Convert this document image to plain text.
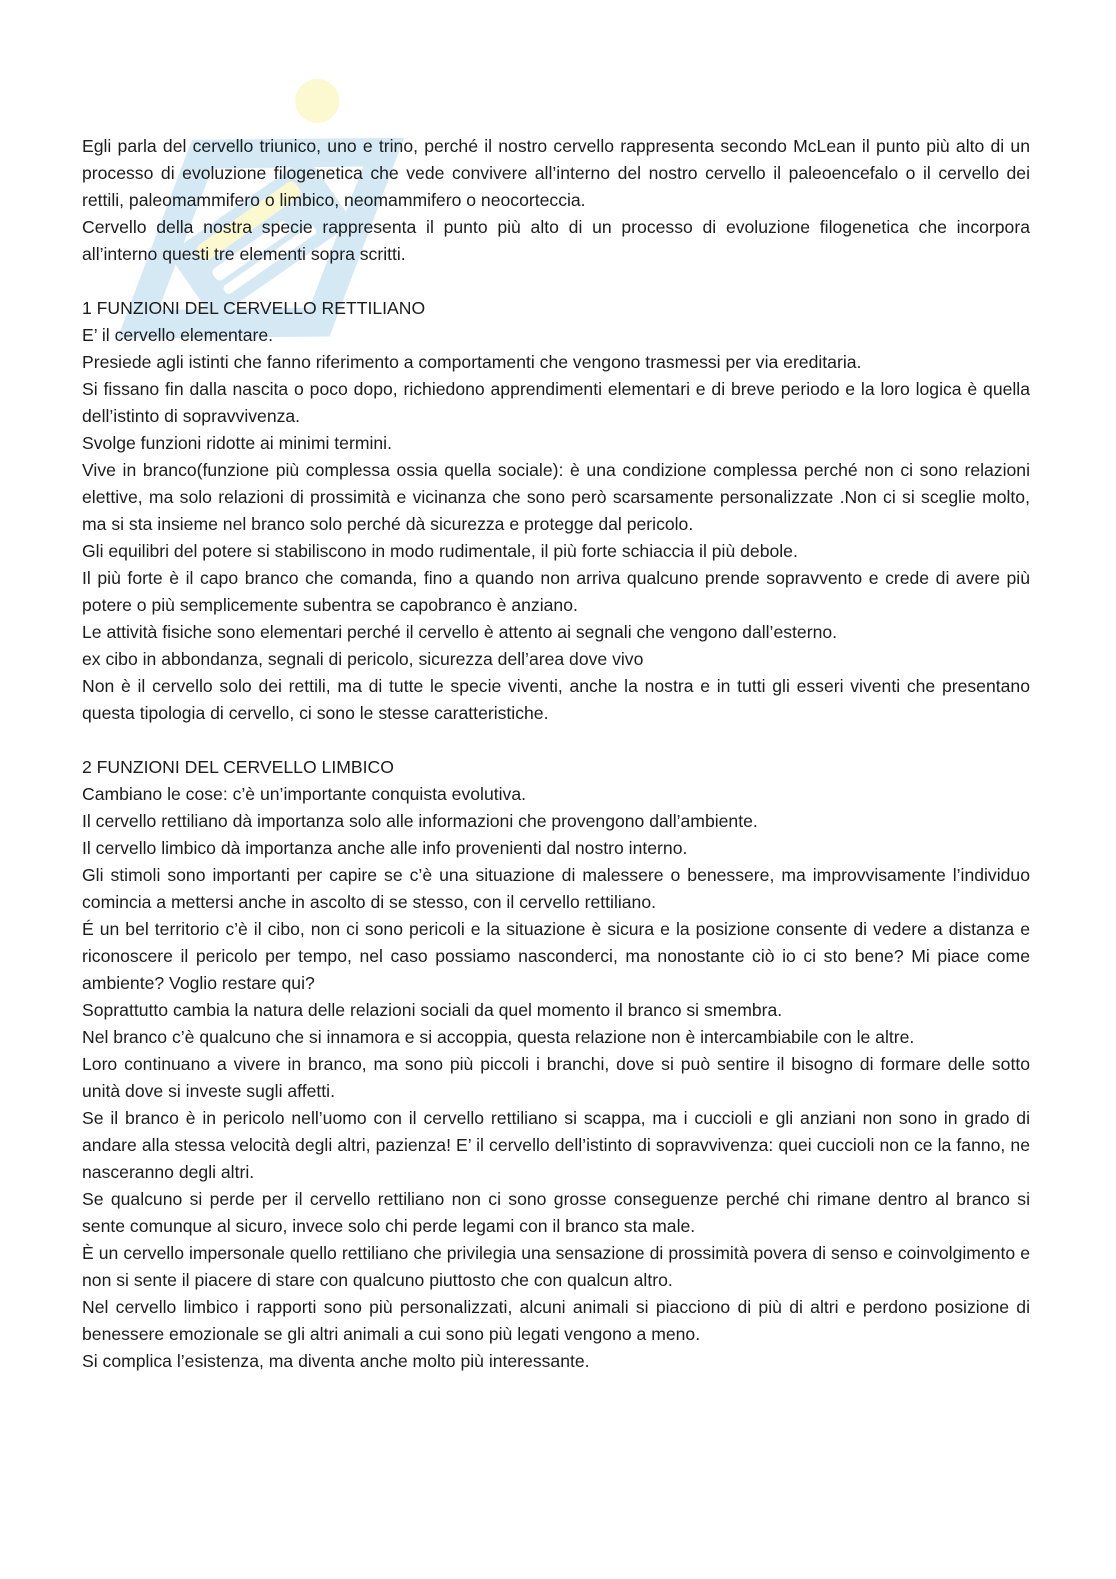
Egli parla del cervello triunico, uno e trino, perché il nostro cervello rappresenta secondo McLean il punto più alto di un processo di evoluzione filogenetica che vede convivere all’interno del nostro cervello il paleoencefalo o il cervello dei rettili, paleomammifero o limbico, neomammifero o neocorteccia.

Cervello della nostra specie rappresenta il punto più alto di un processo di evoluzione filogenetica che incorpora all’interno questi tre elementi sopra scritti.

1 FUNZIONI DEL CERVELLO RETTILIANO

E’ il cervello elementare.

Presiede agli istinti che fanno riferimento a comportamenti che vengono trasmessi per via ereditaria.

Si fissano fin dalla nascita o poco dopo, richiedono apprendimenti elementari e di breve periodo e la loro logica è quella dell’istinto di sopravvivenza.

Svolge funzioni ridotte ai minimi termini.

Vive in branco(funzione più complessa ossia quella sociale): è una condizione complessa perché non ci sono relazioni elettive, ma solo relazioni di prossimità e vicinanza che sono però scarsamente personalizzate .Non ci si sceglie molto, ma si sta insieme nel branco solo perché dà sicurezza e protegge dal pericolo.

Gli equilibri del potere si stabiliscono in modo rudimentale, il più forte schiaccia il più debole.

Il più forte è il capo branco che comanda, fino a quando non arriva qualcuno prende sopravvento e crede di avere più potere o più semplicemente subentra se capobranco è anziano.

Le attività fisiche sono elementari perché il cervello è attento ai segnali che vengono dall’esterno.

ex cibo in abbondanza, segnali di pericolo, sicurezza dell’area dove vivo

Non è il cervello solo dei rettili, ma di tutte le specie viventi, anche la nostra e in tutti gli esseri viventi che presentano questa tipologia di cervello, ci sono le stesse caratteristiche.

2 FUNZIONI DEL CERVELLO LIMBICO

Cambiano le cose: c’è un’importante conquista evolutiva.

Il cervello rettiliano dà importanza solo alle informazioni che provengono dall’ambiente.

Il cervello limbico dà importanza anche alle info provenienti dal nostro interno.

Gli stimoli sono importanti per capire se c’è una situazione di malessere o benessere, ma improvvisamente l’individuo comincia a mettersi anche in ascolto di se stesso, con il cervello rettiliano.

É un bel territorio c’è il cibo, non ci sono pericoli e la situazione è sicura e la posizione consente di vedere a distanza e riconoscere il pericolo per tempo, nel caso possiamo nasconderci, ma nonostante ciò io ci sto bene? Mi piace come ambiente? Voglio restare qui?

Soprattutto cambia la natura delle relazioni sociali da quel momento il branco si smembra.

Nel branco c’è qualcuno che si innamora e si accoppia, questa relazione non è intercambiabile con le altre.

Loro continuano a vivere in branco, ma sono più piccoli i branchi, dove si può sentire il bisogno di formare delle sotto unità dove si investe sugli affetti.

Se il branco è in pericolo nell’uomo con il cervello rettiliano si scappa, ma i cuccioli e gli anziani non sono in grado di andare alla stessa velocità degli altri, pazienza! E’ il cervello dell’istinto di sopravvivenza: quei cuccioli non ce la fanno, ne nasceranno degli altri.

Se qualcuno si perde per il cervello rettiliano non ci sono grosse conseguenze perché chi rimane dentro al branco si sente comunque al sicuro, invece solo chi perde legami con il branco sta male.

È un cervello impersonale quello rettiliano che privilegia una sensazione di prossimità povera di senso e coinvolgimento e non si sente il piacere di stare con qualcuno piuttosto che con qualcun altro.

Nel cervello limbico i rapporti sono più personalizzati, alcuni animali si piacciono di più di altri e perdono posizione di benessere emozionale se gli altri animali a cui sono più legati vengono a meno.

Si complica l’esistenza, ma diventa anche molto più interessante.
